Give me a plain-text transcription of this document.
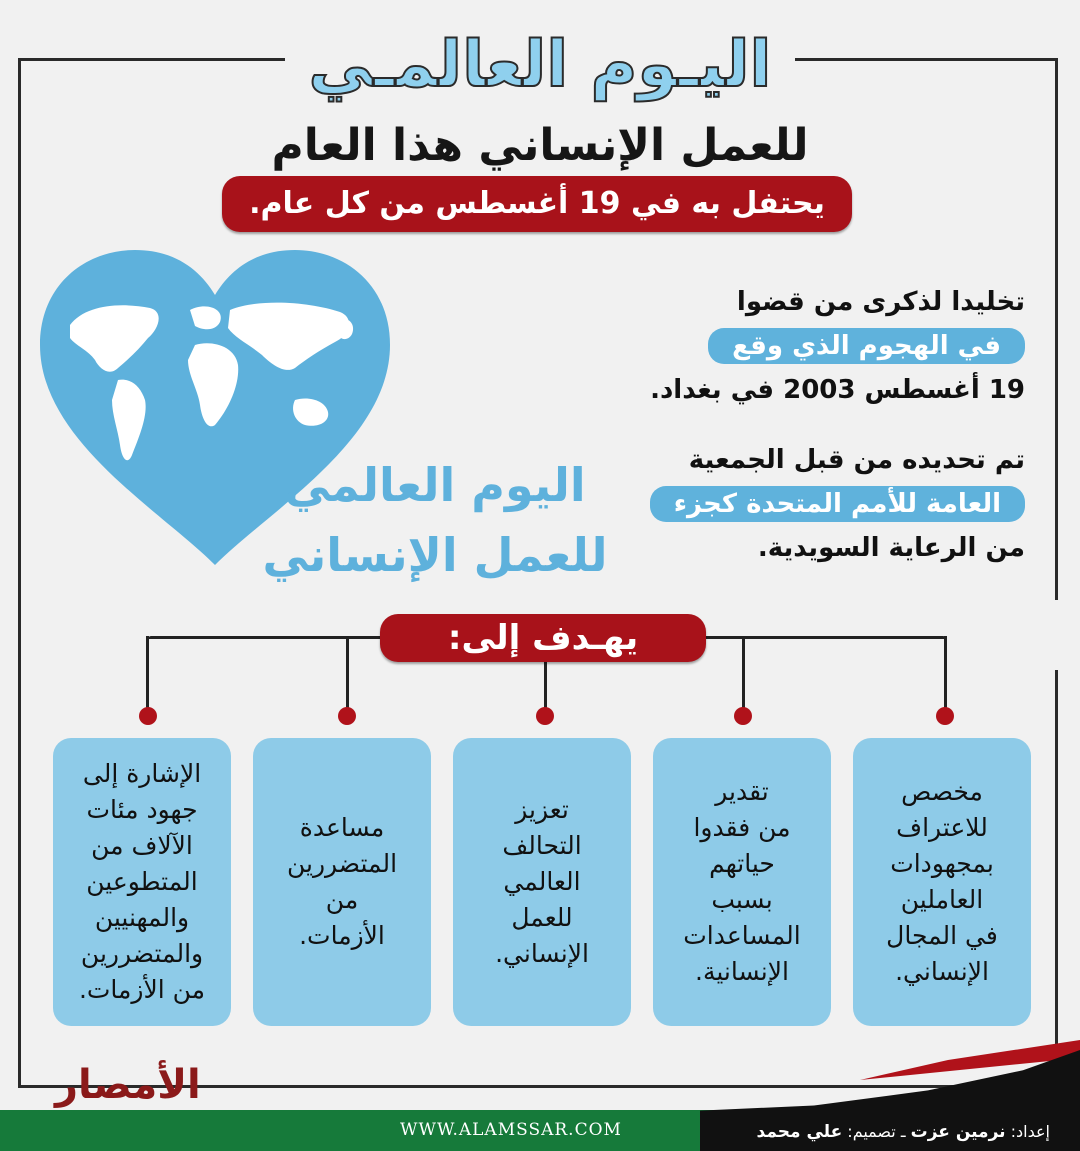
اليـوم العالمـي
للعمل الإنساني هذا العام
يحتفل به في 19 أغسطس من كل عام.
اليوم العالمي
للعمل الإنساني
تخليدا لذكرى من قضوا
في الهجوم الذي وقع
19 أغسطس 2003 في بغداد.
تم تحديده من قبل الجمعية
العامة للأمم المتحدة كجزء
من الرعاية السويدية.
يهـدف إلى:
مخصص
للاعتراف
بمجهودات
العاملين
في المجال
الإنساني.
تقدير
من فقدوا
حياتهم
بسبب
المساعدات
الإنسانية.
تعزيز
التحالف
العالمي
للعمل
الإنساني.
مساعدة
المتضررين
من
الأزمات.
الإشارة إلى
جهود مئات
الآلاف من
المتطوعين
والمهنيين
والمتضررين
من الأزمات.
الأمصار
WWW.ALAMSSAR.COM	إعداد: نرمين عزت ـ تصميم: علي محمد
